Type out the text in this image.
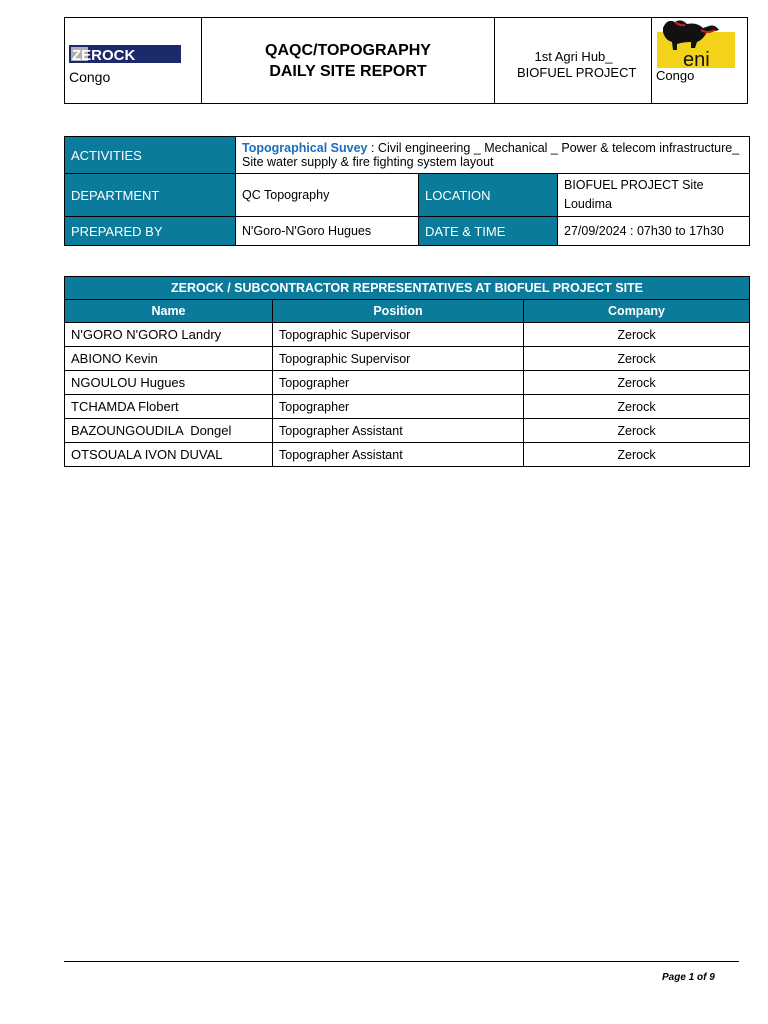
ZEROCK
Congo
QAQC/TOPOGRAPHY
DAILY SITE REPORT
1st Agri Hub_
BIOFUEL PROJECT
eni
Congo
ACTIVITIES	Topographical Suvey : Civil engineering _ Mechanical _ Power & telecom infrastructure_ Site water supply & fire fighting system layout		
DEPARTMENT	QC Topography	LOCATION	BIOFUEL PROJECT Site
Loudima

PREPARED BY	N'Goro-N'Goro Hugues	DATE & TIME	27/09/2024 : 07h30 to 17h30
ZEROCK / SUBCONTRACTOR REPRESENTATIVES AT BIOFUEL PROJECT SITE		
Name	Position	Company
N'GORO N'GORO Landry	Topographic Supervisor	Zerock
ABIONO Kevin	Topographic Supervisor	Zerock
NGOULOU Hugues	Topographer	Zerock
TCHAMDA Flobert	Topographer	Zerock
BAZOUNGOUDILA  Dongel	Topographer Assistant	Zerock
OTSOUALA IVON DUVAL	Topographer Assistant	Zerock
Page 1 of 9
